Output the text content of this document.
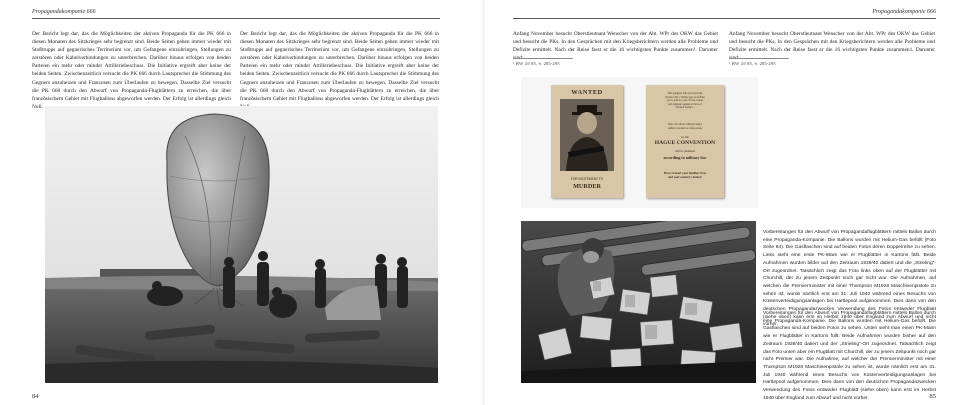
Propagandakompanie 666

Der Bericht legt dar, das die Möglichkeiten der aktiven Propaganda für die PK 666 in diesen Monaten des Sitzkrieges sehr begrenzt sind. Beide Seiten gehen immer wieder mit Stoßtrupps auf gegnerisches Territorium vor, um Gefangene einzubringen, Stellungen zu zerstören oder Kabelverbindungen zu unterbrechen. Darüber hinaus erfolgen von beiden Parteien ein mehr oder minder Artilleriebeschuss. Die Initiative ergreift aber keine der beiden Seiten. Zwischenzeitlich versucht die PK 666 durch Lautsprecher die Stimmung des Gegners anzuheizen und Franzosen zum Überlaufen zu bewegen. Dasselbe Ziel versucht die PK 666 durch den Abwurf von Propaganda-Flugblättern zu erreichen, die über französischem Gebiet mit Flugballons abgeworfen werden. Der Erfolg ist allerdings gleich Null.

Der Bericht legt dar, das die Möglichkeiten der aktiven Propaganda für die PK 666 in diesen Monaten des Sitzkrieges sehr begrenzt sind. Beide Seiten gehen immer wieder mit Stoßtrupps auf gegnerisches Territorium vor, um Gefangene einzubringen, Stellungen zu zerstören oder Kabelverbindungen zu unterbrechen. Darüber hinaus erfolgen von beiden Parteien ein mehr oder minder Artilleriebeschuss. Die Initiative ergreift aber keine der beiden Seiten. Zwischenzeitlich versucht die PK 666 durch Lautsprecher die Stimmung des Gegners anzuheizen und Franzosen zum Überlaufen zu bewegen. Dasselbe Ziel versucht die PK 666 durch den Abwurf von Propaganda-Flugblättern zu erreichen, die über französischem Gebiet mit Flugballons abgeworfen werden. Der Erfolg ist allerdings gleich

84
Propagandakompanie 666

Anfang November besucht Oberstleutnant Wenscher von der Abt. WPr des OKW das Gebiet und besucht die PKs. In den Gesprächen mit den Kriegsberichtern werden alle Probleme und Defizite ermittelt. Nach der Reise fasst er die 16 wichtigsten Punkte zusammen¹. Darunter

¹ BW 4/I 85, S. 285-295

Anfang November besucht Oberstleutnant Wenscher von der Abt. WPr des OKW das Gebiet und besucht die PKs. In den Gesprächen mit den Kriegsberichtern werden alle Probleme und Defizite ermittelt. Nach der Reise fasst er die 16 wichtigsten Punkte zusammen1. Darunter

¹ BW 4/I 85, S. 285-295
WANTED
FOR INCITEMENT TO
MURDER
This gangster, who you see in his
picture with a Tommy gun, is inciting
you to join in a war of franc-tireurs
and gangsters against all laws of
civilised warfare...
Who ever shoots without being a
soldier is treated as a franc-tireur
by the
HAGUE CONVENTION
will be punished
according to military law
Have at heart your families' lives
and your country's future!

Vorbereitungen für den Abwurf von Propagandaflugblättern mittels Ballon durch eine Propaganda-Kompanie. Die Ballons wurden mit Helium-Gas befüllt (Foto Seite 84). Die Gasflaschen sind auf beiden Fotos deren Doppelreihe zu sehen. Links steht eine erste PK-Ware wie er Flugblätter in Kartons fällt. Beide Aufnahmen wurden bilder auf den Zeitraum 1939/40 datiert und die „Strieling“-Ort zugeordnet. Tatsächlich zeigt das Foto links oben auf der Flugblätter mit Churchill, der zu jenem Zeitpunkt noch gar nicht war. Die Aufnahmen, auf welchen die Premierminister mit einer Thompson M1928 Maschinenpistole zu sehen ist, wurde nämlich erst am 31. Juli 1940 während eines Besuchs von Küstenverteidigungsanlagen bei Hartlepool aufgenommen. Dies dann von den deutschen Propagandazwecken Verwendung des Fotos entweder Flugblatt (siehe oben) kann erst im Herbst 1940 über England zum Abwurf und nicht vorher.

Vorbereitungen für den Abwurf von Propagandaflugblättern mittels Ballon durch eine Propaganda-Kompanie. Die Ballons wurden mit Helium-Gas befüllt. Die Gasflaschen sind auf beiden Fotos zu sehen. Unten sieht man einen PK-Mann wie er Flugblätter in Kartons füllt. Beide Aufnahmen wurden bisher auf den Zeitraum 1939/40 datiert und der „Strieling“-Ort zugeordnet. Tatsächlich zeigt das Foto unten aber ein Flugblatt mit Churchill, der zu jenem Zeitpunkt noch gar nicht Premier war. Die Aufnahme, auf welcher der Premierminister mit einer Thompson M1928 Maschinenpistole zu sehen ist, wurde nämlich erst am 31. Juli 1940 während eines Besuchs von Küstenverteidigungsanlagen bei Hartlepool aufgenommen. Dies dann von den deutschen Propagandazwecken Verwendung des Fotos entweder Flugblatt (siehe oben) kann erst im Herbst 1940 über England zum Abwurf und nicht vorher.	85
